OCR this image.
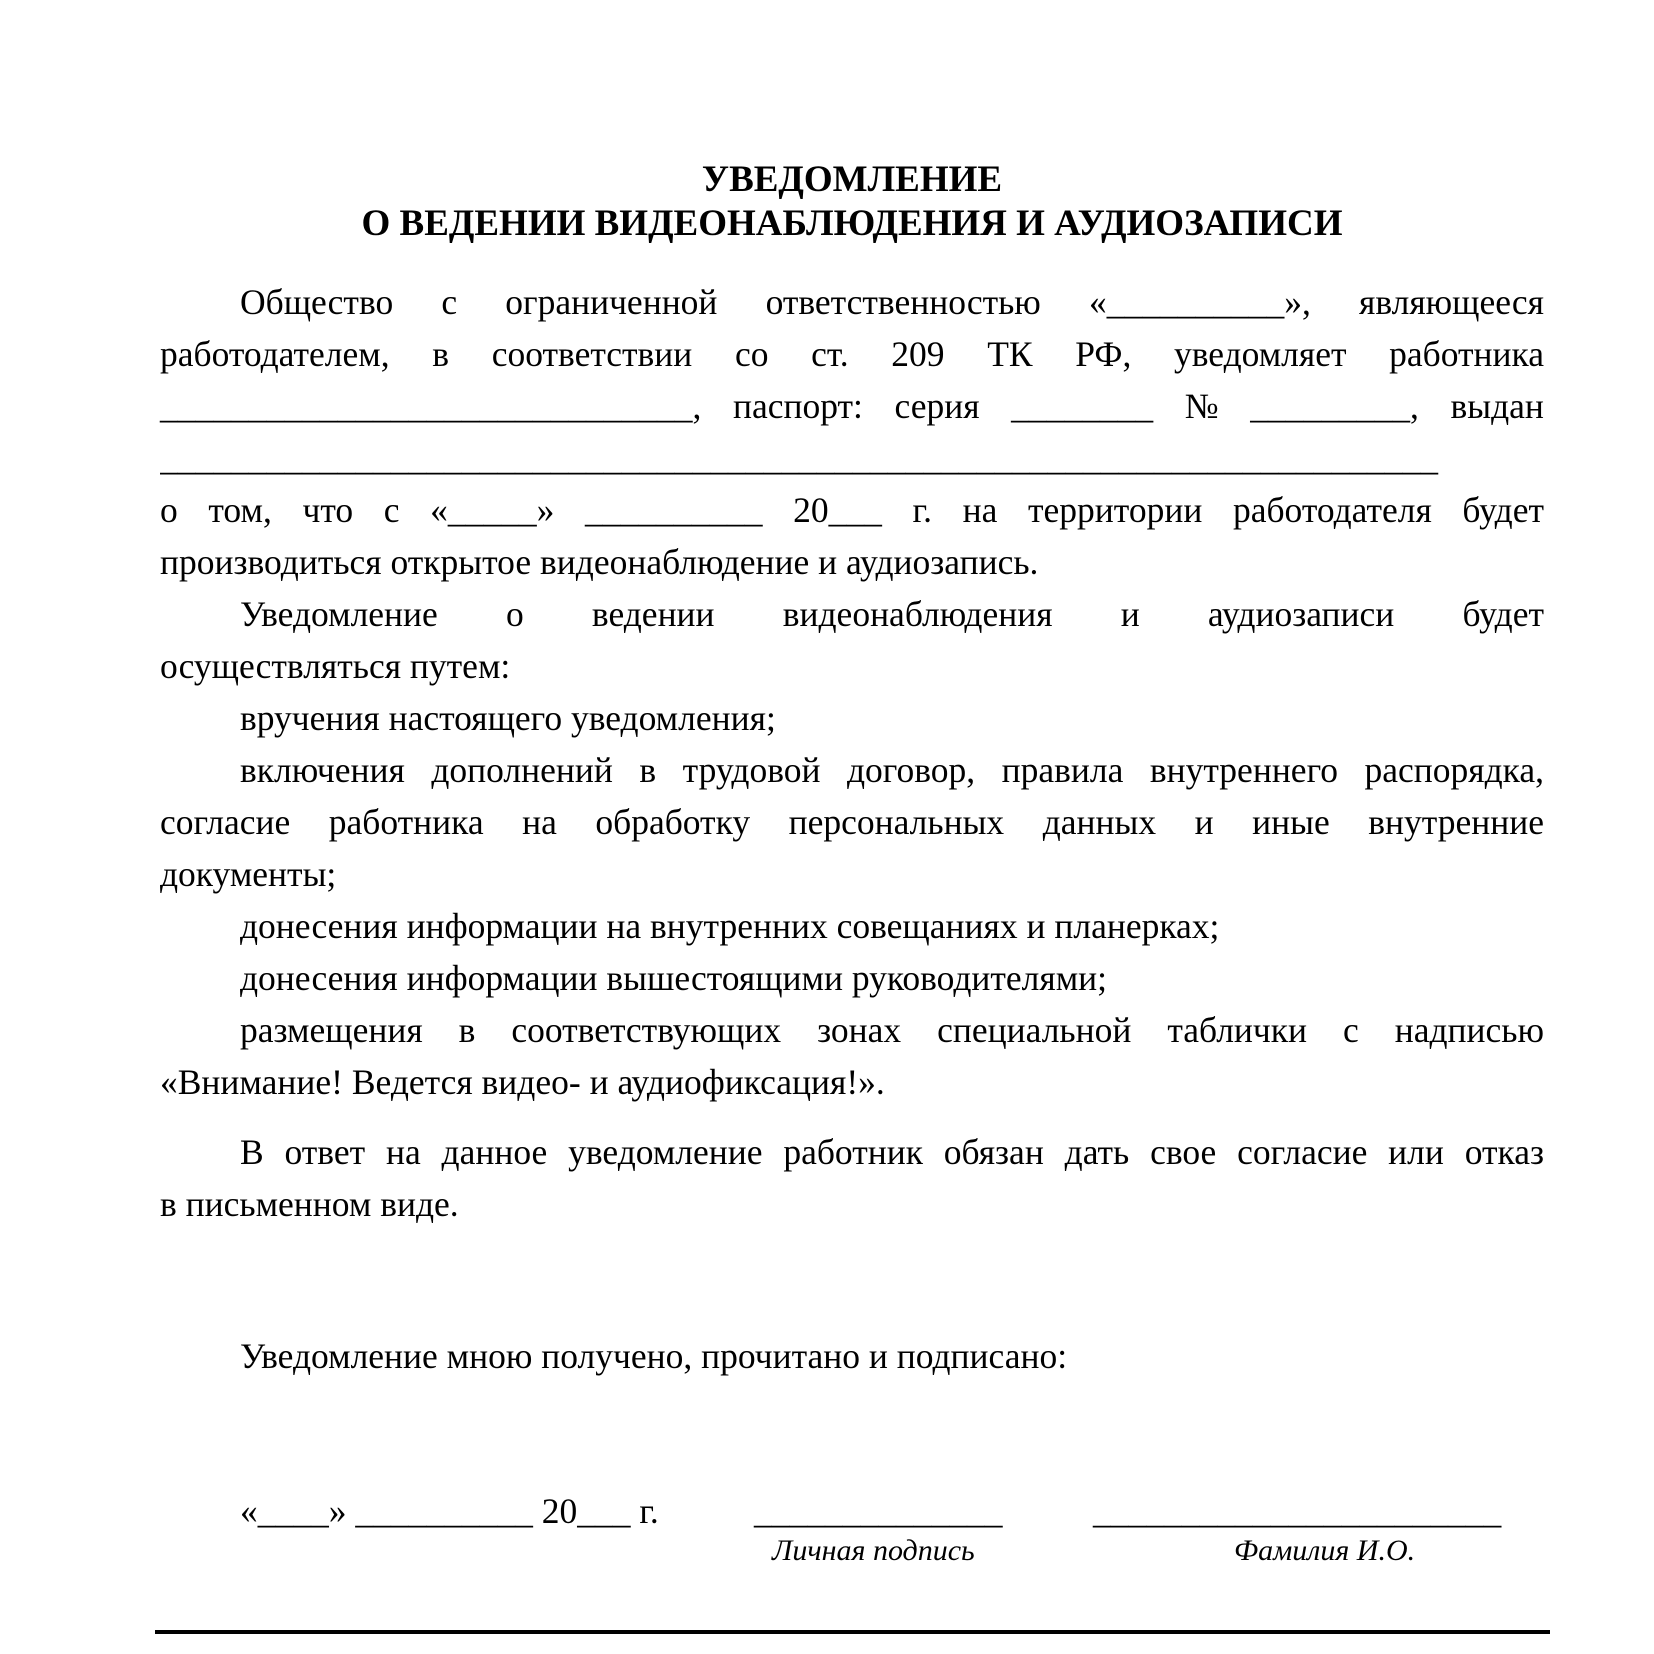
УВЕДОМЛЕНИЕ
О ВЕДЕНИИ ВИДЕОНАБЛЮДЕНИЯ И АУДИОЗАПИСИ
Общество с ограниченной ответственностью «__________», являющееся
работодателем, в соответствии со ст. 209 ТК РФ, уведомляет работника
______________________________, паспорт: серия ________ № _________, выдан
________________________________________________________________________
о том, что с «_____» __________ 20___ г. на территории работодателя будет
производиться открытое видеонаблюдение и аудиозапись.
Уведомление о ведении видеонаблюдения и аудиозаписи будет
осуществляться путем:
вручения настоящего уведомления;
включения дополнений в трудовой договор, правила внутреннего распорядка,
согласие работника на обработку персональных данных и иные внутренние
документы;
донесения информации на внутренних совещаниях и планерках;
донесения информации вышестоящими руководителями;
размещения в соответствующих зонах специальной таблички с надписью
«Внимание! Ведется видео- и аудиофиксация!».
В ответ на данное уведомление работник обязан дать свое согласие или отказ
в письменном виде.
Уведомление мною получено, прочитано и подписано:
«____» __________ 20___ г.	______________	_______________________
Личная подпись	Фамилия И.О.
